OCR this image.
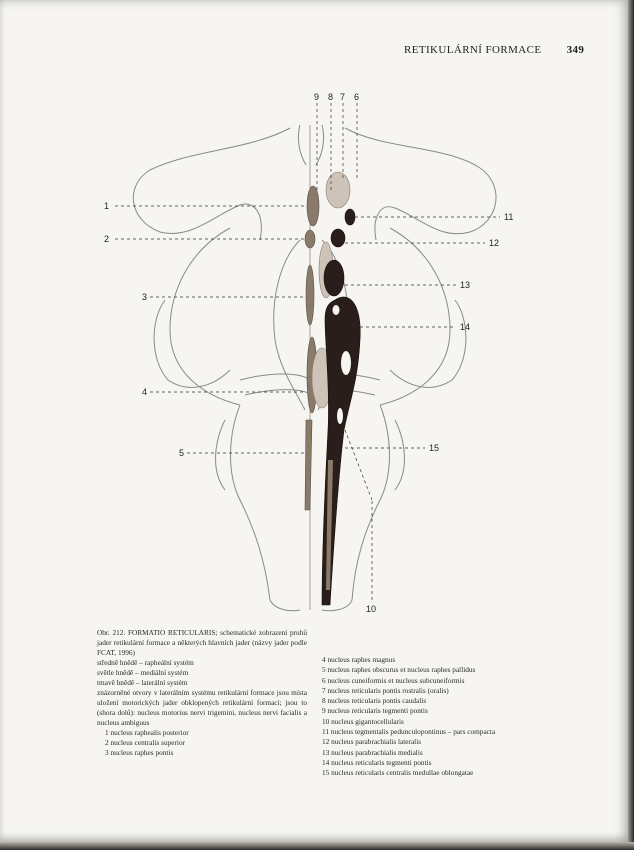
RETIKULÁRNÍ FORMACE 349
9 8 7 6
1
2
3
4
5
11
12
13
14
15
10

Obr. 212. FORMATIO RETICULARIS; schematické zobrazení pruhů jader retikulární formace a některých hlavních jader (názvy jader podle FCAT, 1996)

středně hnědě – rapheální systém

světle hnědě – mediální systém

tmavě hnědě – laterální systém

znázorněné otvory v laterálním systému retikulární formace jsou místa uložení motorických jader obklopených retikulární formací; jsou to (shora dolů): nucleus motorius nervi trigemini, nucleus nervi facialis a nucleus ambiguus

1 nucleus raphealis posterior

2 nucleus centralis superior

3 nucleus raphes pontis

4 nucleus raphes magnus
5 nucleus raphes obscurus et nucleus raphes pallidus
6 nucleus cuneiformis et nucleus subcuneiformis
7 nucleus reticularis pontis rostralis (oralis)
8 nucleus reticularis pontis caudalis
9 nucleus reticularis tegmenti pontis
10 nucleus gigantocellularis
11 nucleus tegmentalis pedunculopontinus – pars compacta
12 nucleus parabrachialis lateralis
13 nucleus parabrachialis medialis
14 nucleus reticularis tegmenti pontis
15 nucleus reticularis centralis medullae oblongatae
